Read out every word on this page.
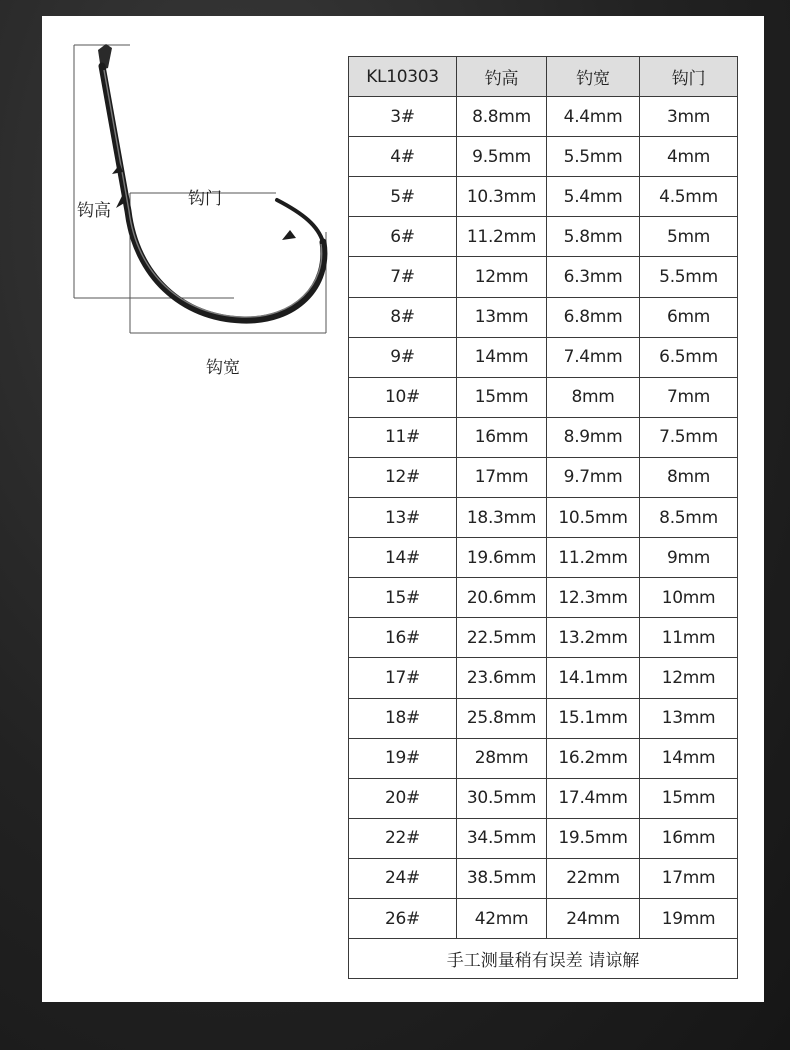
钩高
钩门
钩宽
KL10303	钓高	钓宽	钩门
3#	8.8mm	4.4mm	3mm
4#	9.5mm	5.5mm	4mm
5#	10.3mm	5.4mm	4.5mm
6#	11.2mm	5.8mm	5mm
7#	12mm	6.3mm	5.5mm
8#	13mm	6.8mm	6mm
9#	14mm	7.4mm	6.5mm
10#	15mm	8mm	7mm
11#	16mm	8.9mm	7.5mm
12#	17mm	9.7mm	8mm
13#	18.3mm	10.5mm	8.5mm
14#	19.6mm	11.2mm	9mm
15#	20.6mm	12.3mm	10mm
16#	22.5mm	13.2mm	11mm
17#	23.6mm	14.1mm	12mm
18#	25.8mm	15.1mm	13mm
19#	28mm	16.2mm	14mm
20#	30.5mm	17.4mm	15mm
22#	34.5mm	19.5mm	16mm
24#	38.5mm	22mm	17mm
26#	42mm	24mm	19mm
手工测量稍有误差 请谅解			
